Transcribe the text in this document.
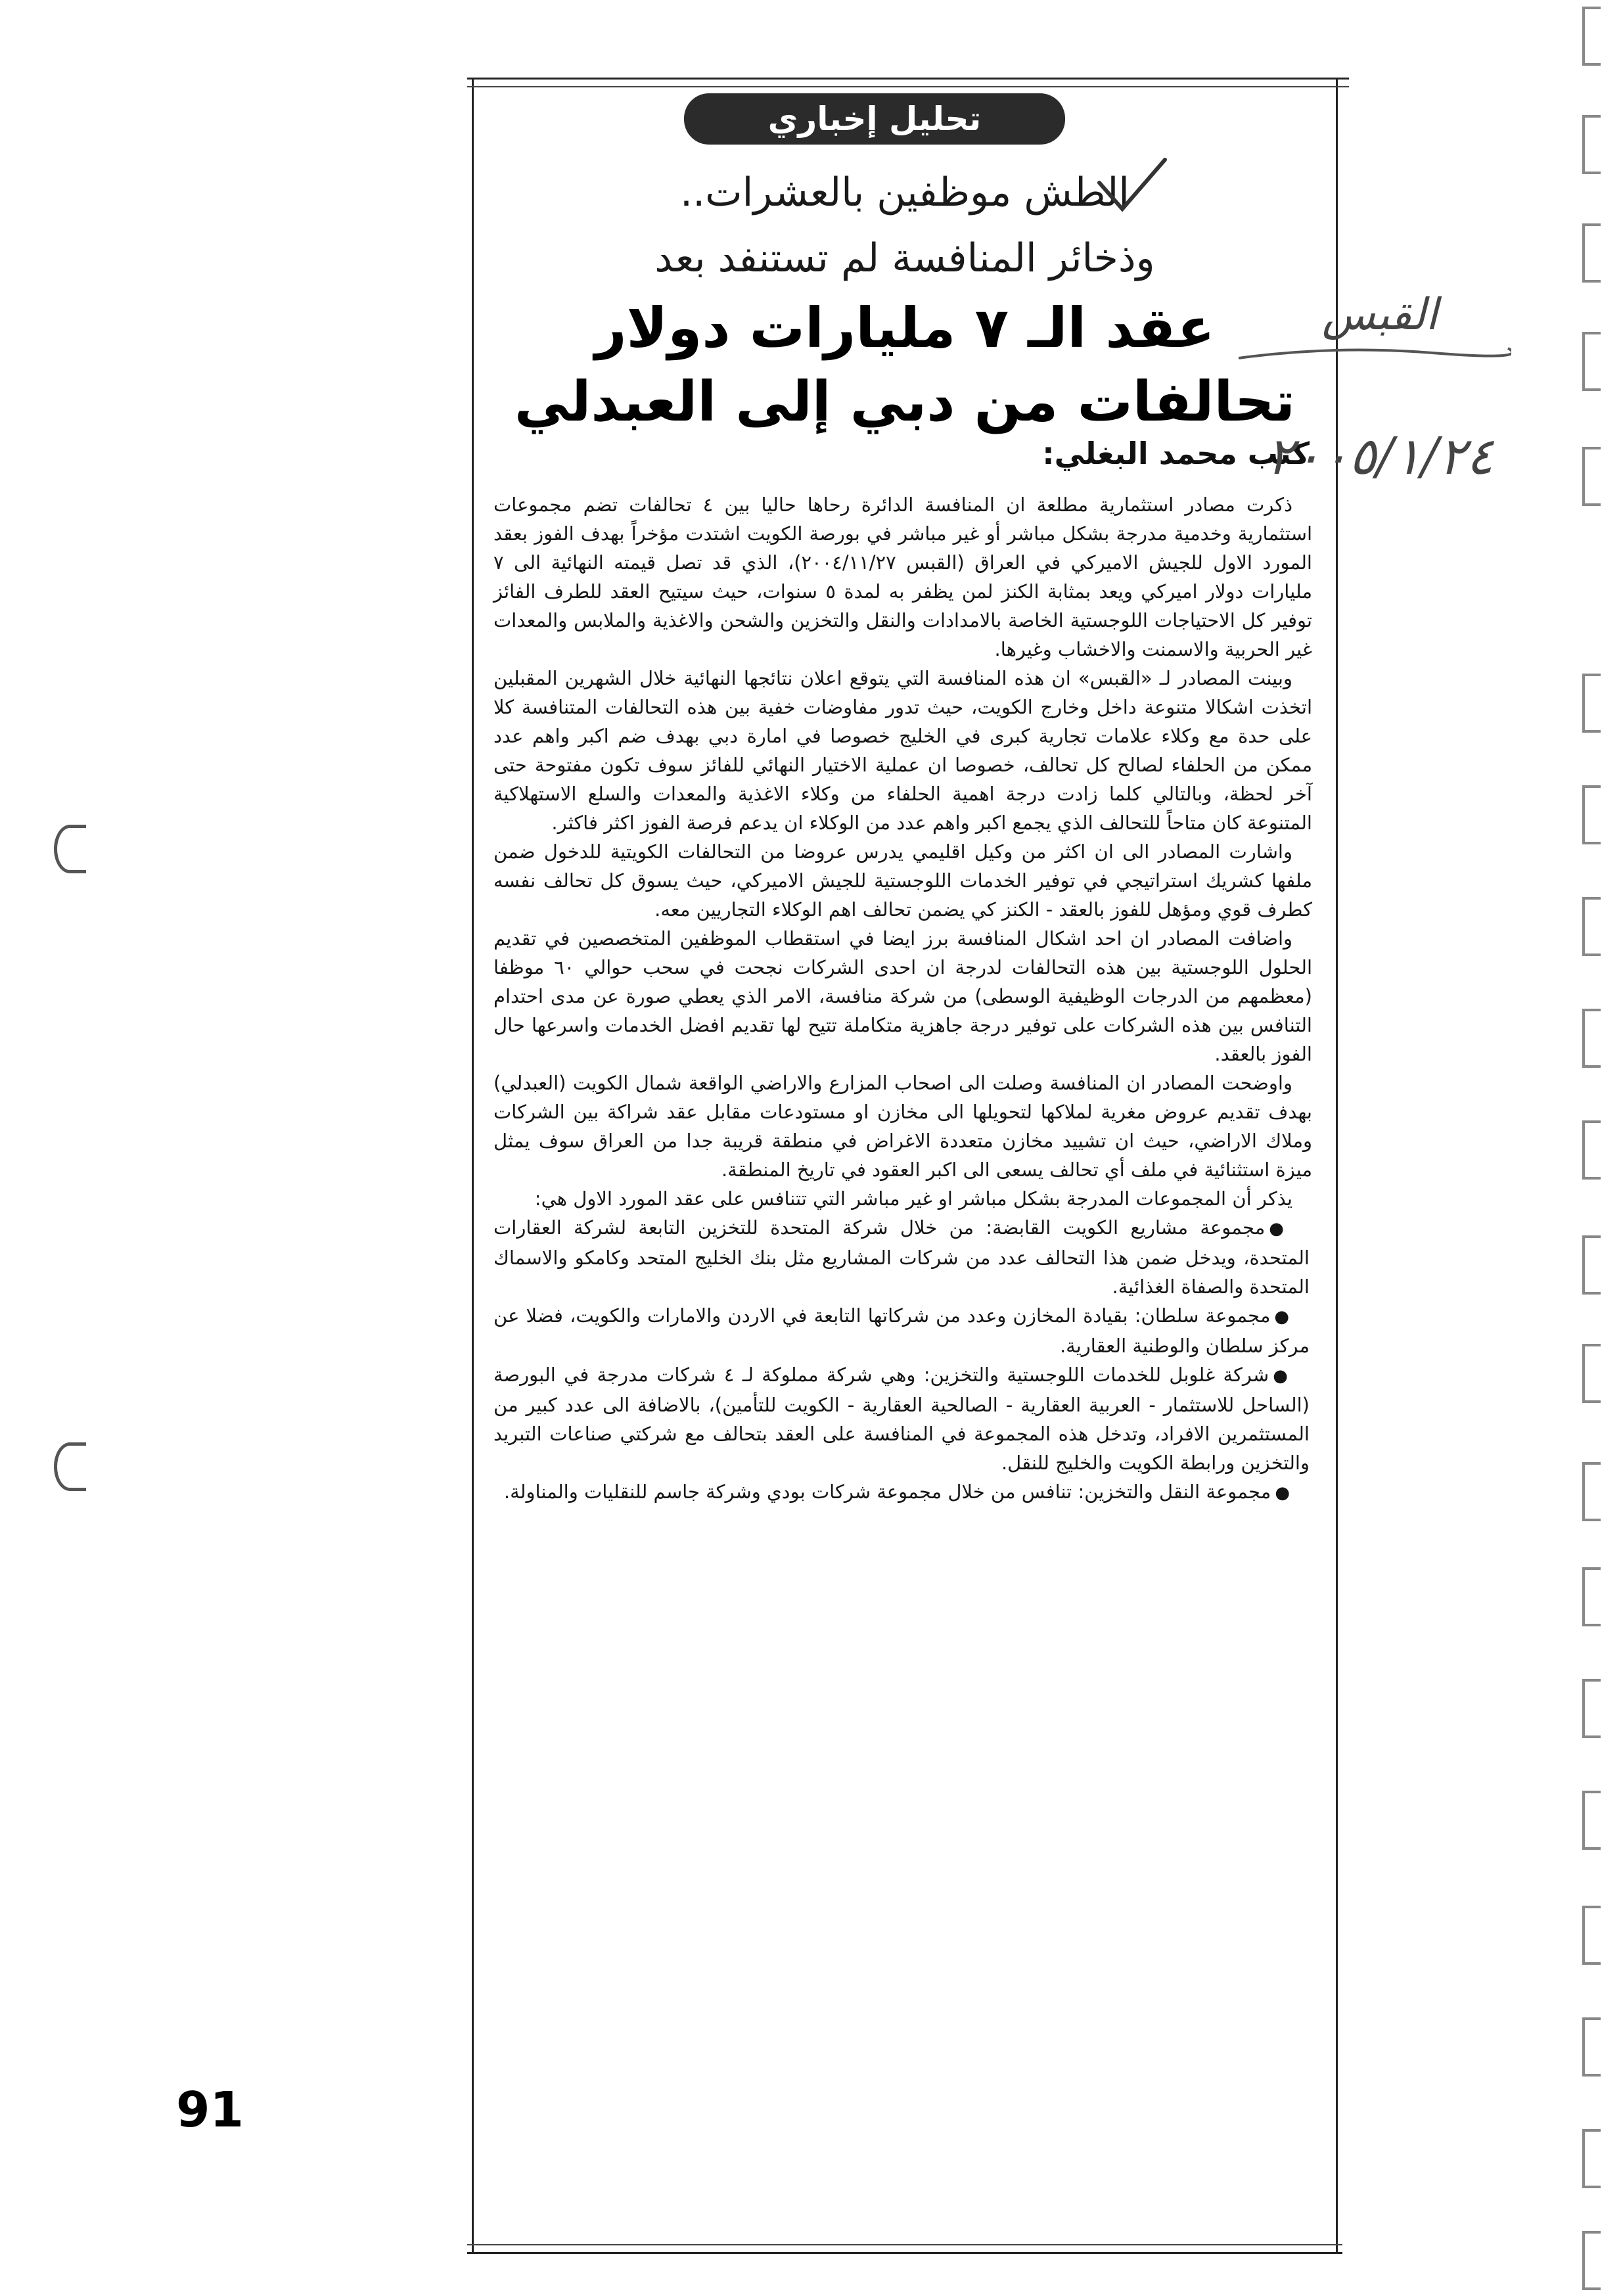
تحليل إخباري
الطش موظفين بالعشرات..
وذخائر المنافسة لم تستنفد بعد
عقد الـ ٧ مليارات دولار
تحالفات من دبي إلى العبدلي
كتب محمد البغلي:

ذكرت مصادر استثمارية مطلعة ان المنافسة الدائرة رحاها حاليا بين ٤ تحالفات تضم مجموعات استثمارية وخدمية مدرجة بشكل مباشر أو غير مباشر في بورصة الكويت اشتدت مؤخراً بهدف الفوز بعقد المورد الاول للجيش الاميركي في العراق (القبس ٢٠٠٤/١١/٢٧)، الذي قد تصل قيمته النهائية الى ٧ مليارات دولار اميركي ويعد بمثابة الكنز لمن يظفر به لمدة ٥ سنوات، حيث سيتيح العقد للطرف الفائز توفير كل الاحتياجات اللوجستية الخاصة بالامدادات والنقل والتخزين والشحن والاغذية والملابس والمعدات غير الحربية والاسمنت والاخشاب وغيرها.

وبينت المصادر لـ «القبس» ان هذه المنافسة التي يتوقع اعلان نتائجها النهائية خلال الشهرين المقبلين اتخذت اشكالا متنوعة داخل وخارج الكويت، حيث تدور مفاوضات خفية بين هذه التحالفات المتنافسة كلا على حدة مع وكلاء علامات تجارية كبرى في الخليج خصوصا في امارة دبي بهدف ضم اكبر واهم عدد ممكن من الحلفاء لصالح كل تحالف، خصوصا ان عملية الاختيار النهائي للفائز سوف تكون مفتوحة حتى آخر لحظة، وبالتالي كلما زادت درجة اهمية الحلفاء من وكلاء الاغذية والمعدات والسلع الاستهلاكية المتنوعة كان متاحاً للتحالف الذي يجمع اكبر واهم عدد من الوكلاء ان يدعم فرصة الفوز اكثر فاكثر.

واشارت المصادر الى ان اكثر من وكيل اقليمي يدرس عروضا من التحالفات الكويتية للدخول ضمن ملفها كشريك استراتيجي في توفير الخدمات اللوجستية للجيش الاميركي، حيث يسوق كل تحالف نفسه كطرف قوي ومؤهل للفوز بالعقد - الكنز كي يضمن تحالف اهم الوكلاء التجاريين معه.

واضافت المصادر ان احد اشكال المنافسة برز ايضا في استقطاب الموظفين المتخصصين في تقديم الحلول اللوجستية بين هذه التحالفات لدرجة ان احدى الشركات نجحت في سحب حوالي ٦٠ موظفا (معظمهم من الدرجات الوظيفية الوسطى) من شركة منافسة، الامر الذي يعطي صورة عن مدى احتدام التنافس بين هذه الشركات على توفير درجة جاهزية متكاملة تتيح لها تقديم افضل الخدمات واسرعها حال الفوز بالعقد.

واوضحت المصادر ان المنافسة وصلت الى اصحاب المزارع والاراضي الواقعة شمال الكويت (العبدلي) بهدف تقديم عروض مغرية لملاكها لتحويلها الى مخازن او مستودعات مقابل عقد شراكة بين الشركات وملاك الاراضي، حيث ان تشييد مخازن متعددة الاغراض في منطقة قريبة جدا من العراق سوف يمثل ميزة استثنائية في ملف أي تحالف يسعى الى اكبر العقود في تاريخ المنطقة.

يذكر أن المجموعات المدرجة بشكل مباشر او غير مباشر التي تتنافس على عقد المورد الاول هي:

●مجموعة مشاريع الكويت القابضة: من خلال شركة المتحدة للتخزين التابعة لشركة العقارات المتحدة، ويدخل ضمن هذا التحالف عدد من شركات المشاريع مثل بنك الخليج المتحد وكامكو والاسماك المتحدة والصفاة الغذائية.

●مجموعة سلطان: بقيادة المخازن وعدد من شركاتها التابعة في الاردن والامارات والكويت، فضلا عن مركز سلطان والوطنية العقارية.

●شركة غلوبل للخدمات اللوجستية والتخزين: وهي شركة مملوكة لـ ٤ شركات مدرجة في البورصة (الساحل للاستثمار - العربية العقارية - الصالحية العقارية - الكويت للتأمين)، بالاضافة الى عدد كبير من المستثمرين الافراد، وتدخل هذه المجموعة في المنافسة على العقد بتحالف مع شركتي صناعات التبريد والتخزين ورابطة الكويت والخليج للنقل.

●مجموعة النقل والتخزين: تنافس من خلال مجموعة شركات بودي وشركة جاسم للنقليات والمناولة.

القبس
٢٠٠٥/١/٢٤
91
